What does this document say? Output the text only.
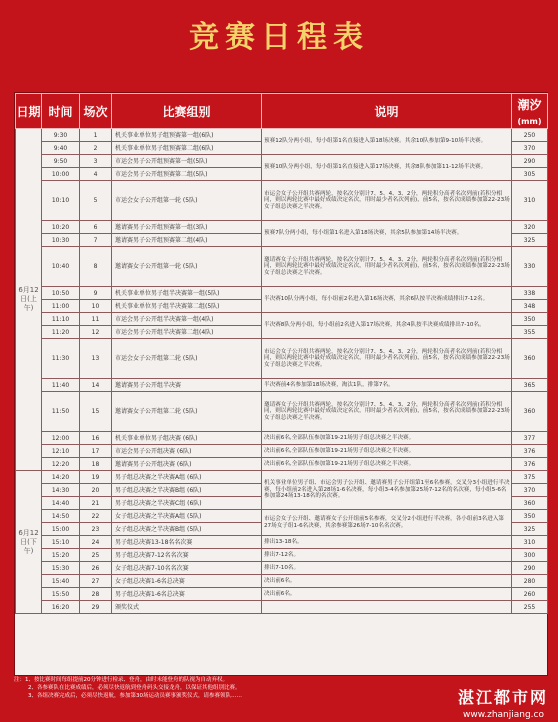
竞赛日程表
日期	时间	场次	比赛组别	说明	潮汐
(mm)
6月12日(上午)	9:30	1	机关事业单位男子组预赛第一组(6队)	预赛12队分两小组，每小组第1名直接进入第18场决赛。其余10队参加第9-10场半决赛。	250
	9:40	2	机关事业单位男子组预赛第二组(6队)		370
	9:50	3	市运会男子公开组预赛第一组(5队)	预赛10队分两小组，每小组第1名直接进入第17场决赛，其余8队参加第11-12场半决赛。	290
	10:00	4	市运会男子公开组预赛第二组(5队)		305
	10:10	5	市运会女子公开组第一轮 (5队)	市运会女子公开组共赛两轮，按名次分别计7、5、4、3、2分，两轮积分高者名次列前(若积分相同，则以两轮比赛中最好成绩决定名次，用时最少者名次列前)，前5名，按名次成绩参加第22-23场女子组总决赛之半决赛。	310
	10:20	6	邀请赛男子公开组预赛第一组(3队)	预赛7队分两小组，每小组第1名进入第18场决赛，其余5队参加第14场半决赛。	320
	10:30	7	邀请赛男子公开组预赛第二组(4队)		325
	10:40	8	邀请赛女子公开组第一轮 (5队)	邀请赛女子公开组共赛两轮，按名次分别计7、5、4、3、2分，两轮积分高者名次列前(若积分相同，则以两轮比赛中最好成绩决定名次，用时最少者名次列前)，前5名，按名次成绩参加第22-23场女子组总决赛之半决赛。	330
	10:50	9	机关事业单位男子组半决赛第一组(5队)	半决赛10队分两小组，每小组前2名进入第16场决赛，其余6队按半决赛成绩排出7-12名。	338
	11:00	10	机关事业单位男子组半决赛第二组(5队)		348
	11:10	11	市运会男子公开组半决赛第一组(4队)	半决赛8队分两小组，每小组前2名进入第17场决赛，其余4队按半决赛成绩排出7-10名。	350
	11:20	12	市运会男子公开组半决赛第二组(4队)		355
	11:30	13	市运会女子公开组第二轮 (5队)	市运会女子公开组共赛两轮，按名次分别计7、5、4、3、2分，两轮积分高者名次列前(若积分相同，则以两轮比赛中最好成绩决定名次，用时最少者名次列前)，前5名，按名次成绩参加第22-23场女子组总决赛之半决赛。	360
	11:40	14	邀请赛男子公开组半决赛	半决赛前4名参加第18场决赛，淘汰1队，排第7名。	365
	11:50	15	邀请赛女子公开组第二轮 (5队)	邀请赛女子公开组共赛两轮，按名次分别计7、5、4、3、2分，两轮积分高者名次列前(若积分相同，则以两轮比赛中最好成绩决定名次，用时最少者名次列前)，前5名，按名次成绩参加第22-23场女子组总决赛之半决赛。	360
	12:00	16	机关事业单位男子组决赛 (6队)	决出前6名,全部队伍参加第19-21场男子组总决赛之半决赛。	377
	12:10	17	市运会男子公开组决赛 (6队)	决出前6名,全部队伍参加第19-21场男子组总决赛之半决赛。	376
	12:20	18	邀请赛男子公开组决赛 (6队)	决出前6名,全部队伍参加第19-21场男子组总决赛之半决赛。	376
6月12日(下午)	14:20	19	男子组总决赛之半决赛A组 (6队)	机关事业单位男子组、市运会男子公开组、邀请赛男子公开组第1至6名参赛，交叉分3小组进行半决赛，每小组前2名进入第28场1-6名决赛，每小组3-4名参加第25场7-12名的名次赛，每小组5-6名参加第24场13-18名的名次赛。	375
	14:30	20	男子组总决赛之半决赛B组 (6队)		370
	14:40	21	男子组总决赛之半决赛C组 (6队)		360
	14:50	22	女子组总决赛之半决赛A组 (5队)	市运会女子公开组、邀请赛女子公开组前5名参赛，交叉分2小组进行半决赛，各小组前3名进入第27场女子组1-6名决赛，其余参赛第26场7-10名名次赛。	350
	15:00	23	女子组总决赛之半决赛B组 (5队)		325
	15:10	24	男子组总决赛13-18名名次赛	排出13-18名。	310
	15:20	25	男子组总决赛7-12名名次赛	排出7-12名。	300
	15:30	26	女子组总决赛7-10名名次赛	排出7-10名。	290
	15:40	27	女子组总决赛1-6名总决赛	决出前6名。	280
	15:50	28	男子组总决赛1-6名总决赛	决出前6名。	260
	16:20	29	颁奖仪式		255
注：1、按比赛时间每组提前20分钟进行检录、登舟，由时未能登舟的队视为自动弃权。
2、各参赛队在比赛成绩后，必须尽快返航到登舟码头交接龙舟，以保证其他组别比赛。
3、各组决赛完成后，必须尽快返航，参加第30场运动员赛事颁奖仪式，请参赛领队……	湛江都市网
www.zhanjiang.co
